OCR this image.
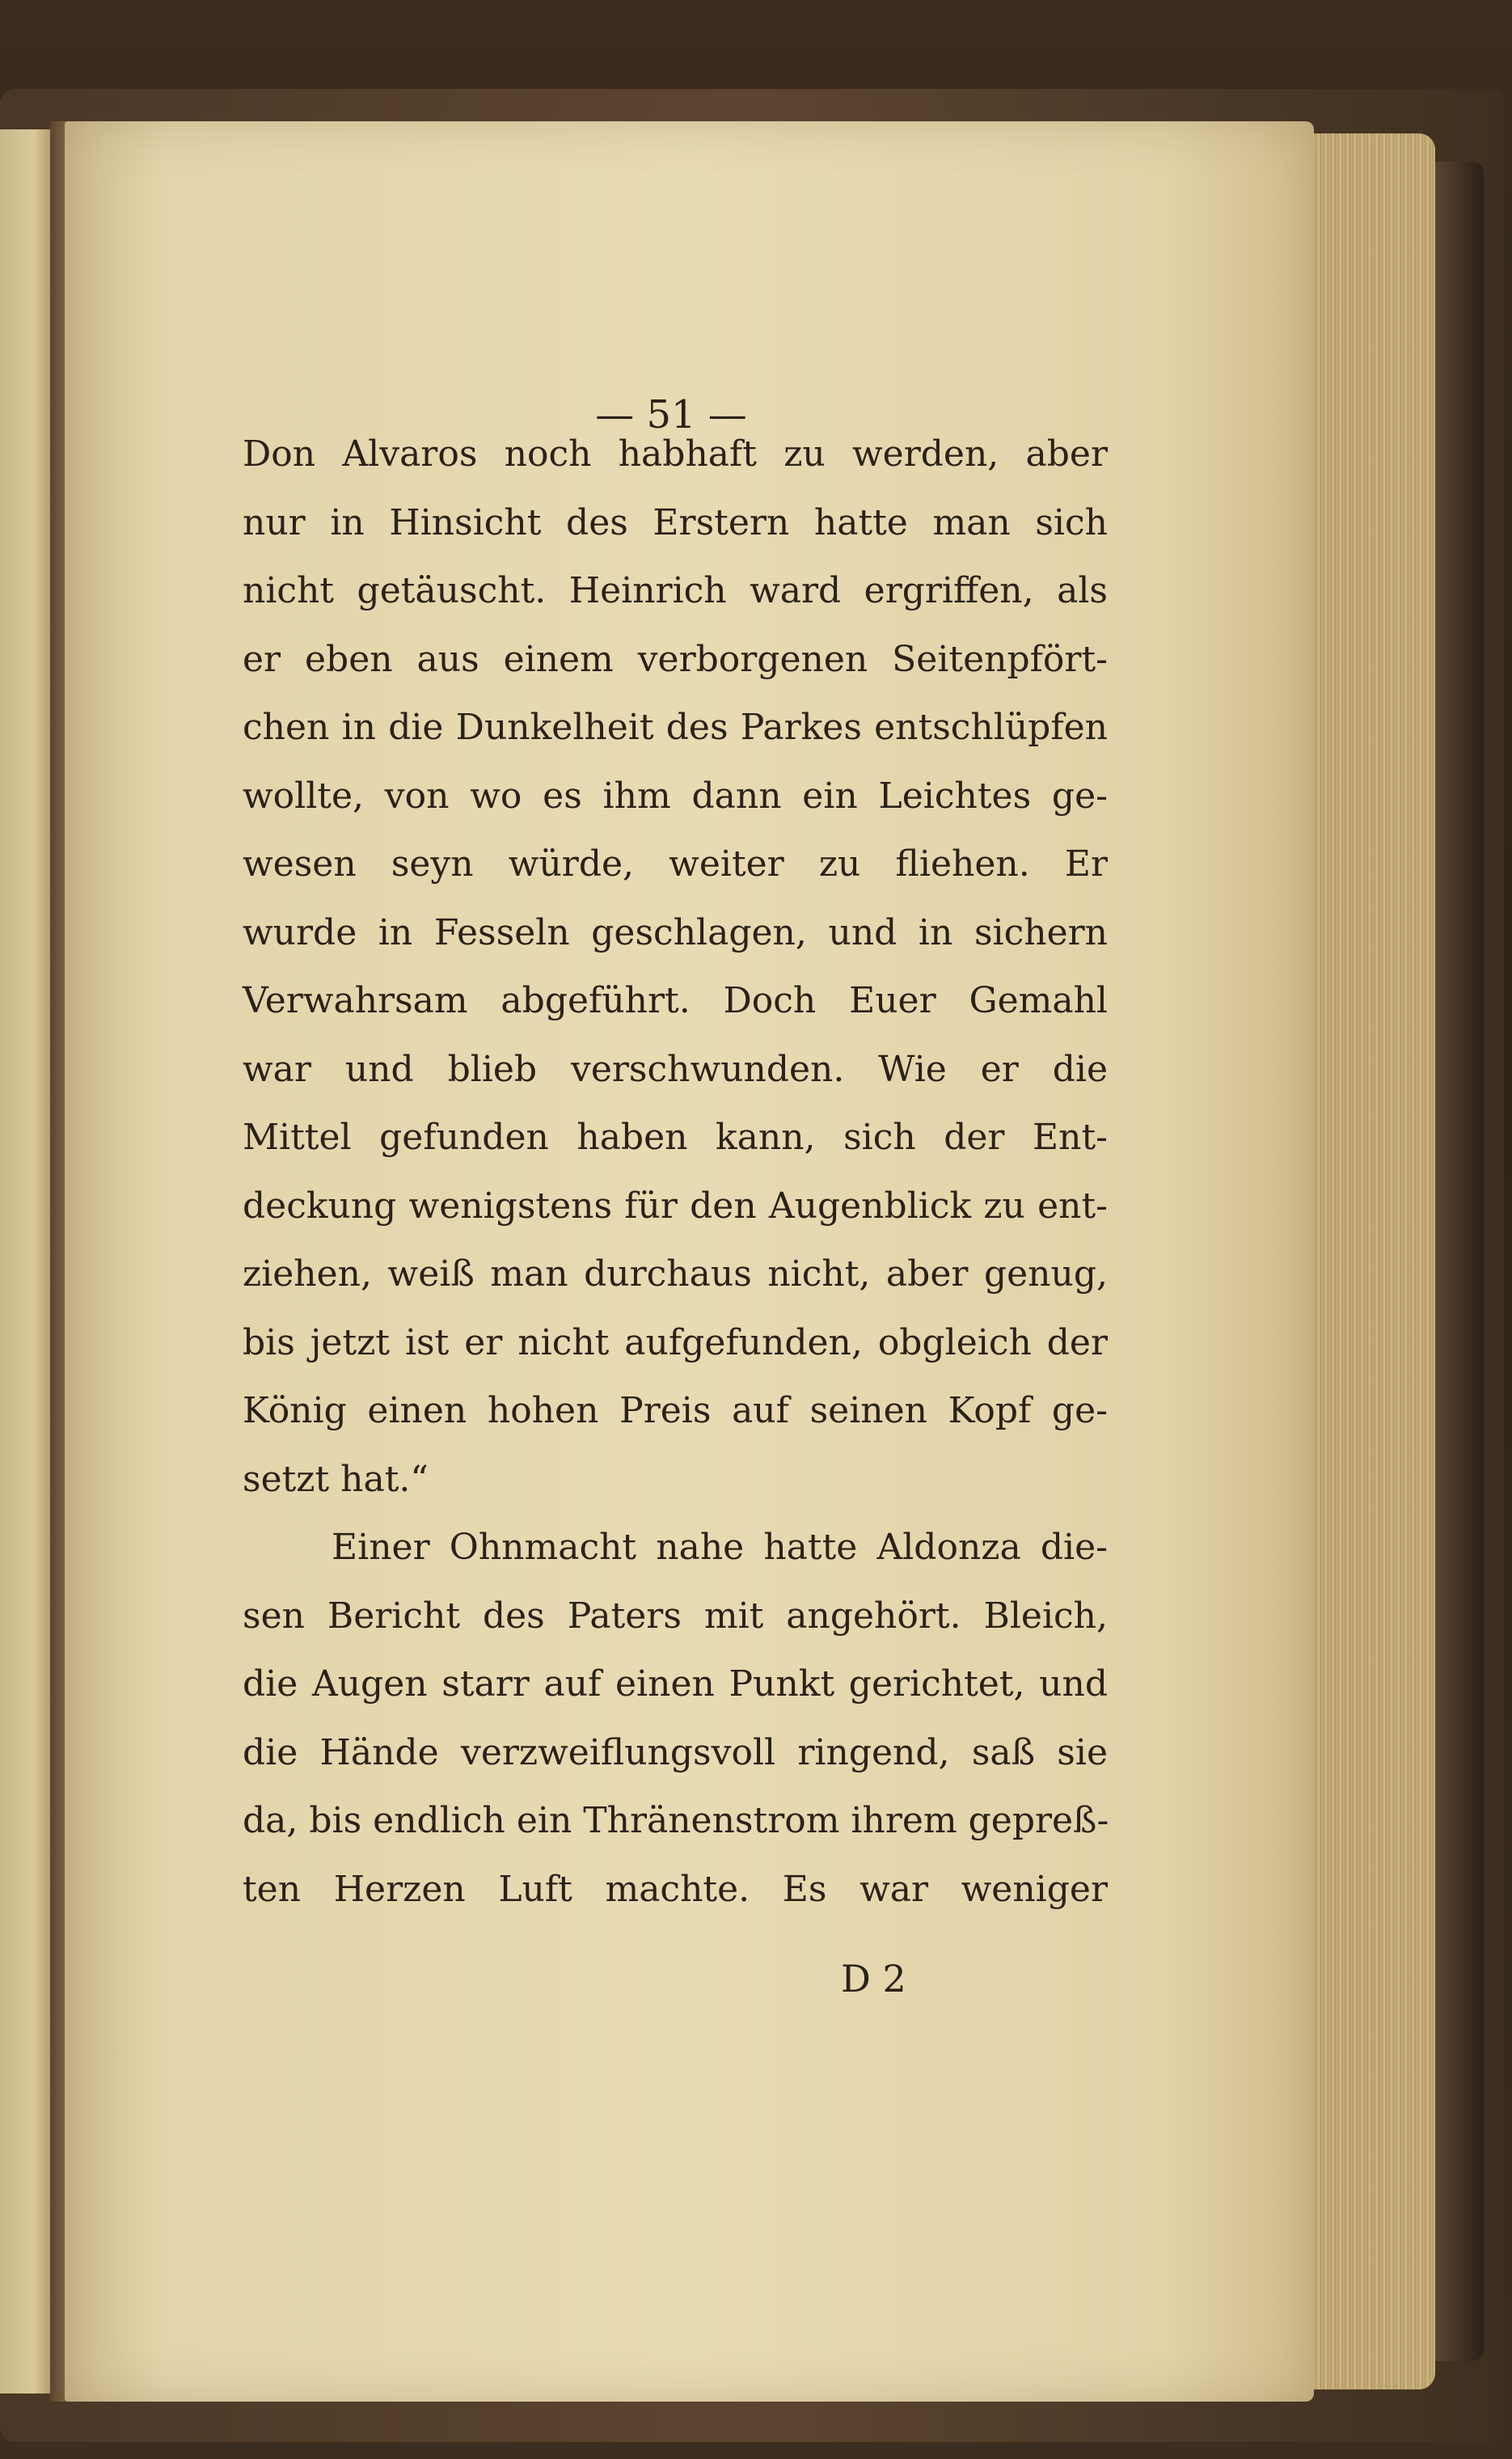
— 51 —
Don Alvaros noch habhaft zu werden, aber
nur in Hinsicht des Erstern hatte man sich
nicht getäuscht. Heinrich ward ergriffen, als
er eben aus einem verborgenen Seitenpfört-
chen in die Dunkelheit des Parkes entschlüpfen
wollte, von wo es ihm dann ein Leichtes ge-
wesen seyn würde, weiter zu fliehen. Er
wurde in Fesseln geschlagen, und in sichern
Verwahrsam abgeführt. Doch Euer Gemahl
war und blieb verschwunden. Wie er die
Mittel gefunden haben kann, sich der Ent-
deckung wenigstens für den Augenblick zu ent-
ziehen, weiß man durchaus nicht, aber genug,
bis jetzt ist er nicht aufgefunden, obgleich der
König einen hohen Preis auf seinen Kopf ge-
setzt hat.“
Einer Ohnmacht nahe hatte Aldonza die-
sen Bericht des Paters mit angehört. Bleich,
die Augen starr auf einen Punkt gerichtet, und
die Hände verzweiflungsvoll ringend, saß sie
da, bis endlich ein Thränenstrom ihrem gepreß-
ten Herzen Luft machte. Es war weniger
D 2
